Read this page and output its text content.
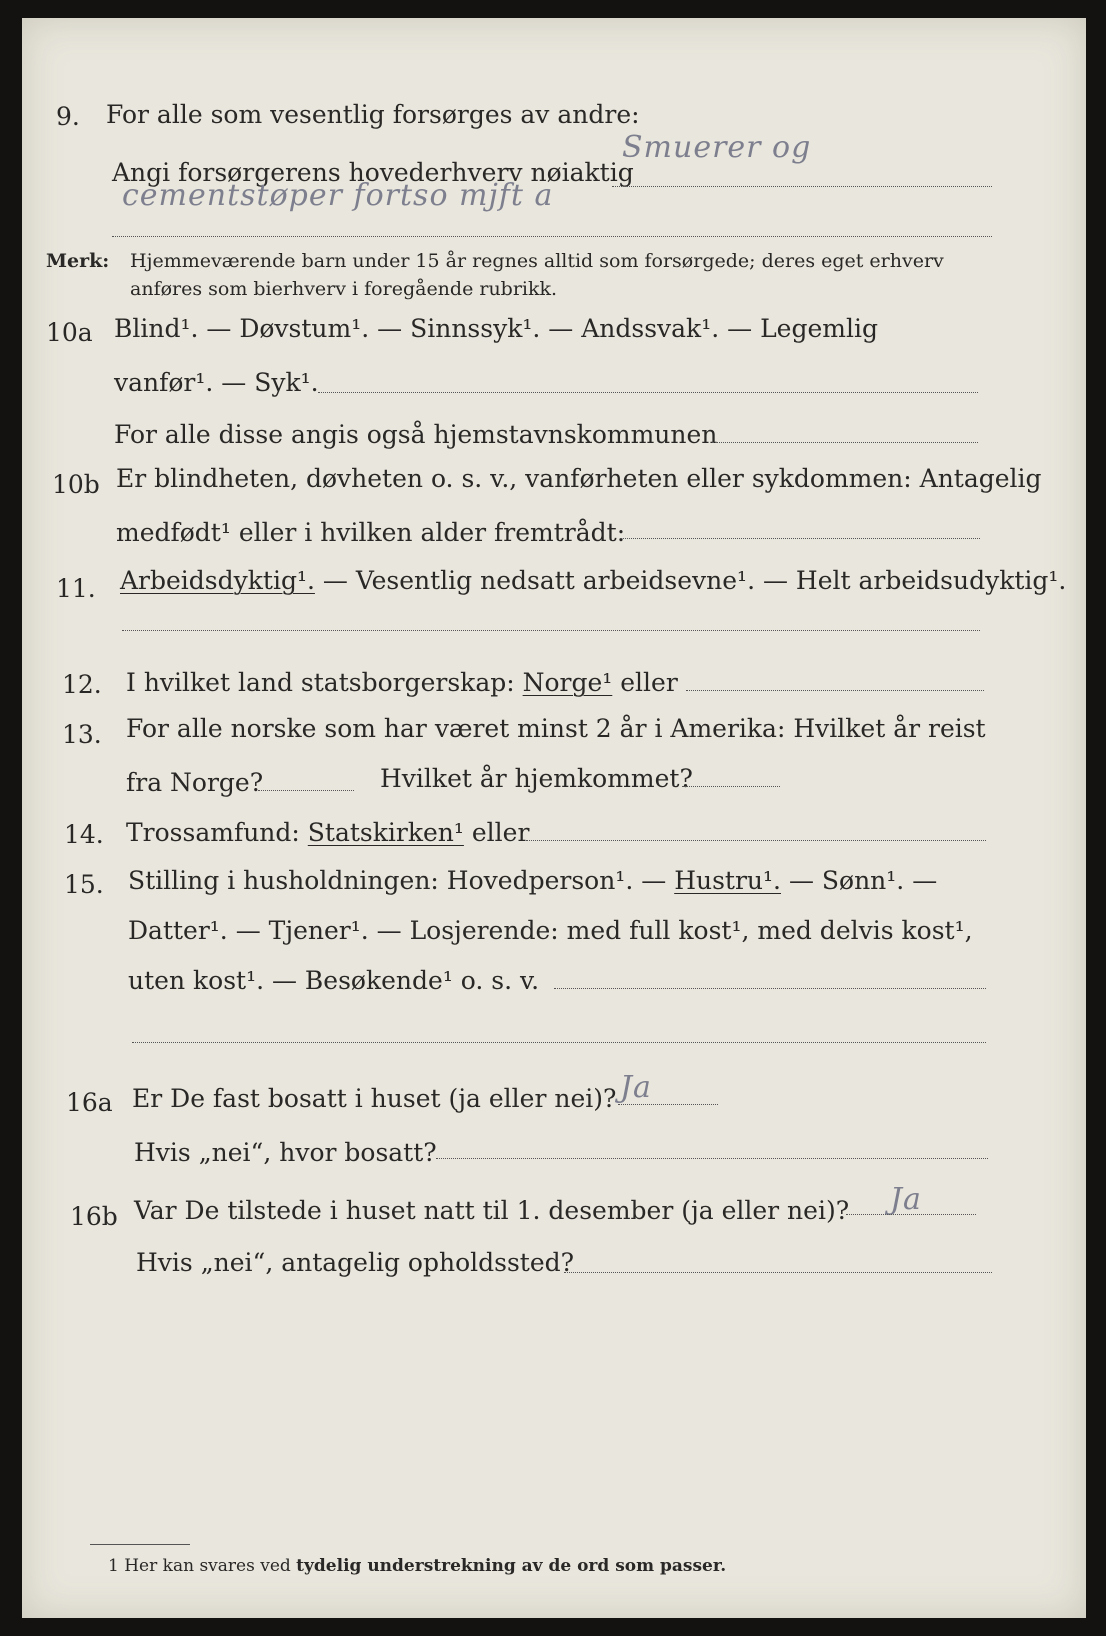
9. For alle som vesentlig forsørges av andre:
Angi forsørgerens hovederhverv nøiaktig
Smuerer og
cementstøper fortso mjft a
Merk: Hjemmeværende barn under 15 år regnes alltid som forsørgede; deres eget erhverv
anføres som bierhverv i foregående rubrikk.
10a Blind¹. — Døvstum¹. — Sinnssyk¹. — Andssvak¹. — Legemlig
vanfør¹. — Syk¹.
For alle disse angis også hjemstavnskommunen
10b Er blindheten, døvheten o. s. v., vanførheten eller sykdommen: Antagelig
medfødt¹ eller i hvilken alder fremtrådt:
11. Arbeidsdyktig¹. — Vesentlig nedsatt arbeidsevne¹. — Helt arbeidsudyktig¹.
12. I hvilket land statsborgerskap: Norge¹ eller
13. For alle norske som har været minst 2 år i Amerika: Hvilket år reist
fra Norge?	Hvilket år hjemkommet?
14. Trossamfund: Statskirken¹ eller
15. Stilling i husholdningen: Hovedperson¹. — Hustru¹. — Sønn¹. —
Datter¹. — Tjener¹. — Losjerende: med full kost¹, med delvis kost¹,
uten kost¹. — Besøkende¹ o. s. v.
16a Er De fast bosatt i huset (ja eller nei)? Ja
Hvis „nei“, hvor bosatt?
16b Var De tilstede i huset natt til 1. desember (ja eller nei)? Ja
Hvis „nei“, antagelig opholdssted?
1 Her kan svares ved tydelig understrekning av de ord som passer.
